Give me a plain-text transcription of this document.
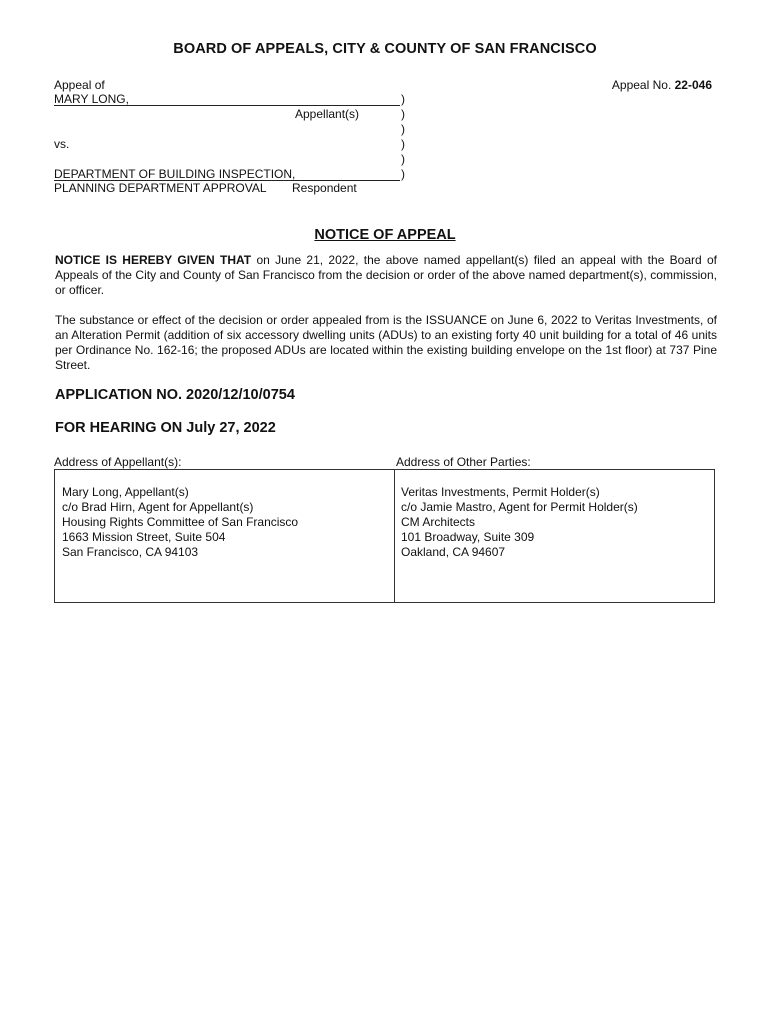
BOARD OF APPEALS, CITY & COUNTY OF SAN FRANCISCO
Appeal of	Appeal No. 22-046
MARY LONG,
Appellant(s)
vs.
DEPARTMENT OF BUILDING INSPECTION,
PLANNING DEPARTMENT APPROVAL Respondent
)
)
)
)
)
)
NOTICE OF APPEAL
NOTICE IS HEREBY GIVEN THAT on June 21, 2022, the above named appellant(s) filed an appeal with the Board of Appeals of the City and County of San Francisco from the decision or order of the above named department(s), commission, or officer.
The substance or effect of the decision or order appealed from is the ISSUANCE on June 6, 2022 to Veritas Investments, of an Alteration Permit (addition of six accessory dwelling units (ADUs) to an existing forty 40 unit building for a total of 46 units per Ordinance No. 162-16; the proposed ADUs are located within the existing building envelope on the 1st floor) at 737 Pine Street.
APPLICATION NO. 2020/12/10/0754
FOR HEARING ON July 27, 2022
Address of Appellant(s):	Address of Other Parties:
Mary Long, Appellant(s)
c/o Brad Hirn, Agent for Appellant(s)
Housing Rights Committee of San Francisco
1663 Mission Street, Suite 504
San Francisco, CA 94103
Veritas Investments, Permit Holder(s)
c/o Jamie Mastro, Agent for Permit Holder(s)
CM Architects
101 Broadway, Suite 309
Oakland, CA 94607
